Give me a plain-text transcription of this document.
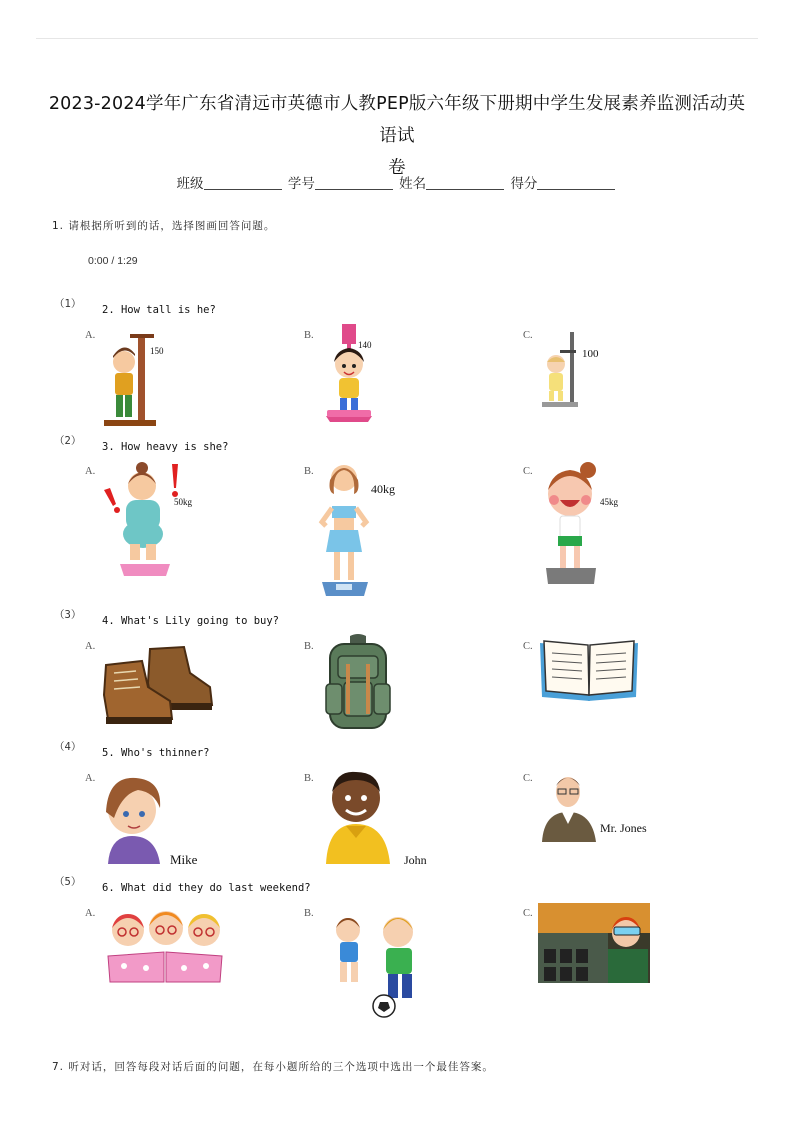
2023-2024学年广东省清远市英德市人教PEP版六年级下册期中学生发展素养监测活动英语试
卷
班级	学号	姓名	得分
1. 请根据所听到的话，选择图画回答问题。
0:00 / 1:29
（1） 2. How tall is he?
A.	B.	C.
150
140
100
（2） 3. How heavy is she?
A.	B.	C.
50kg
40kg
45kg
（3） 4. What's Lily going to buy?
A.	B.	C.
（4） 5. Who's thinner?
A.	B.	C.
Mike	John
Mr. Jones
（5） 6. What did they do last weekend?
A.	B.	C.
7. 听对话，回答每段对话后面的问题，在每小题所给的三个选项中选出一个最佳答案。
